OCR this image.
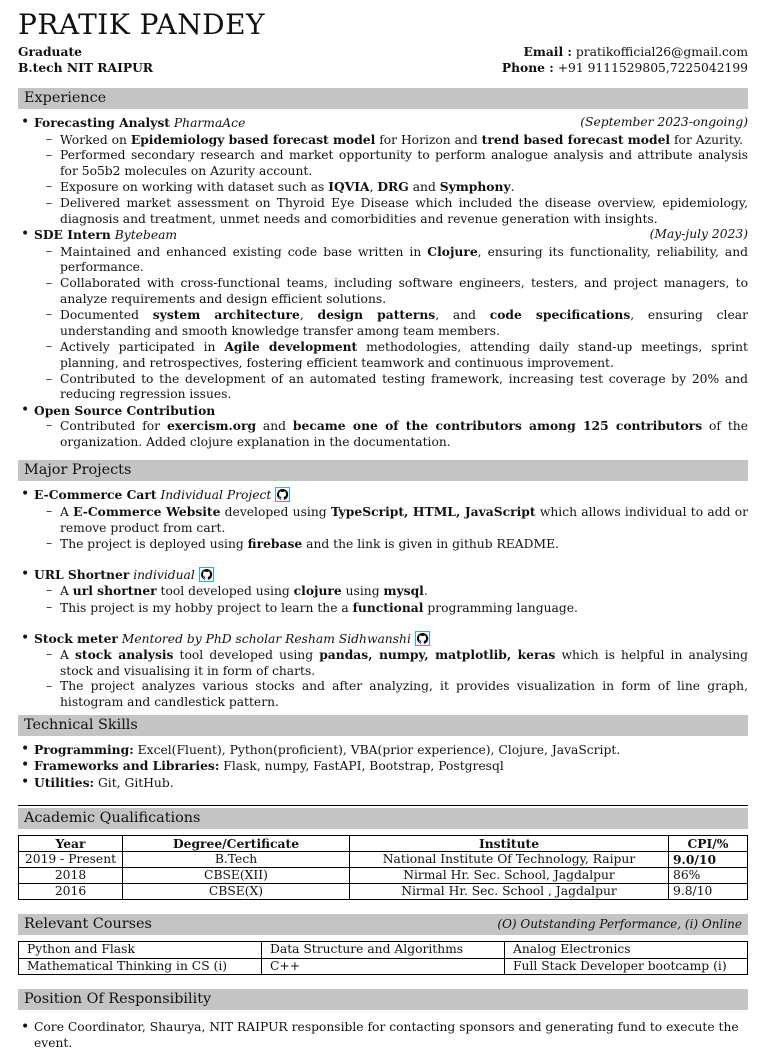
PRATIK PANDEY
Graduate
B.tech NIT RAIPUR
Email : pratikofficial26@gmail.com
Phone : +91 9111529805,7225042199
Experience
• Forecasting Analyst PharmaAce	(September 2023-ongoing)
– Worked on Epidemiology based forecast model for Horizon and trend based forecast model for Azurity.
– Performed secondary research and market opportunity to perform analogue analysis and attribute analysis for 5o5b2 molecules on Azurity account.
– Exposure on working with dataset such as IQVIA, DRG and Symphony.
– Delivered market assessment on Thyroid Eye Disease which included the disease overview, epidemiology, diagnosis and treatment, unmet needs and comorbidities and revenue generation with insights.
• SDE Intern Bytebeam	(May-july 2023)
– Maintained and enhanced existing code base written in Clojure, ensuring its functionality, reliability, and performance.
– Collaborated with cross-functional teams, including software engineers, testers, and project managers, to analyze requirements and design efficient solutions.
– Documented system architecture, design patterns, and code specifications, ensuring clear understanding and smooth knowledge transfer among team members.
– Actively participated in Agile development methodologies, attending daily stand-up meetings, sprint planning, and retrospectives, fostering efficient teamwork and continuous improvement.
– Contributed to the development of an automated testing framework, increasing test coverage by 20% and reducing regression issues.
• Open Source Contribution
– Contributed for exercism.org and became one of the contributors among 125 contributors of the organization. Added clojure explanation in the documentation.
Major Projects
• E-Commerce Cart Individual Project
– A E-Commerce Website developed using TypeScript, HTML, JavaScript which allows individual to add or remove product from cart.
– The project is deployed using firebase and the link is given in github README.
• URL Shortner individual
– A url shortner tool developed using clojure using mysql.
– This project is my hobby project to learn the a functional programming language.
• Stock meter Mentored by PhD scholar Resham Sidhwanshi
– A stock analysis tool developed using pandas, numpy, matplotlib, keras which is helpful in analysing stock and visualising it in form of charts.
– The project analyzes various stocks and after analyzing, it provides visualization in form of line graph, histogram and candlestick pattern.
Technical Skills
• Programming: Excel(Fluent), Python(proficient), VBA(prior experience), Clojure, JavaScript.
• Frameworks and Libraries: Flask, numpy, FastAPI, Bootstrap, Postgresql
• Utilities: Git, GitHub.
Academic Qualifications
Year	Degree/Certificate	Institute	CPI/%
2019 - Present	B.Tech	National Institute Of Technology, Raipur	9.0/10
2018	CBSE(XII)	Nirmal Hr. Sec. School, Jagdalpur	86%
2016	CBSE(X)	Nirmal Hr. Sec. School , Jagdalpur	9.8/10
Relevant Courses	(O) Outstanding Performance, (i) Online
Python and Flask	Data Structure and Algorithms	Analog Electronics
Mathematical Thinking in CS (i)	C++	Full Stack Developer bootcamp (i)
Position Of Responsibility
• Core Coordinator, Shaurya, NIT RAIPUR responsible for contacting sponsors and generating fund to execute the event.
